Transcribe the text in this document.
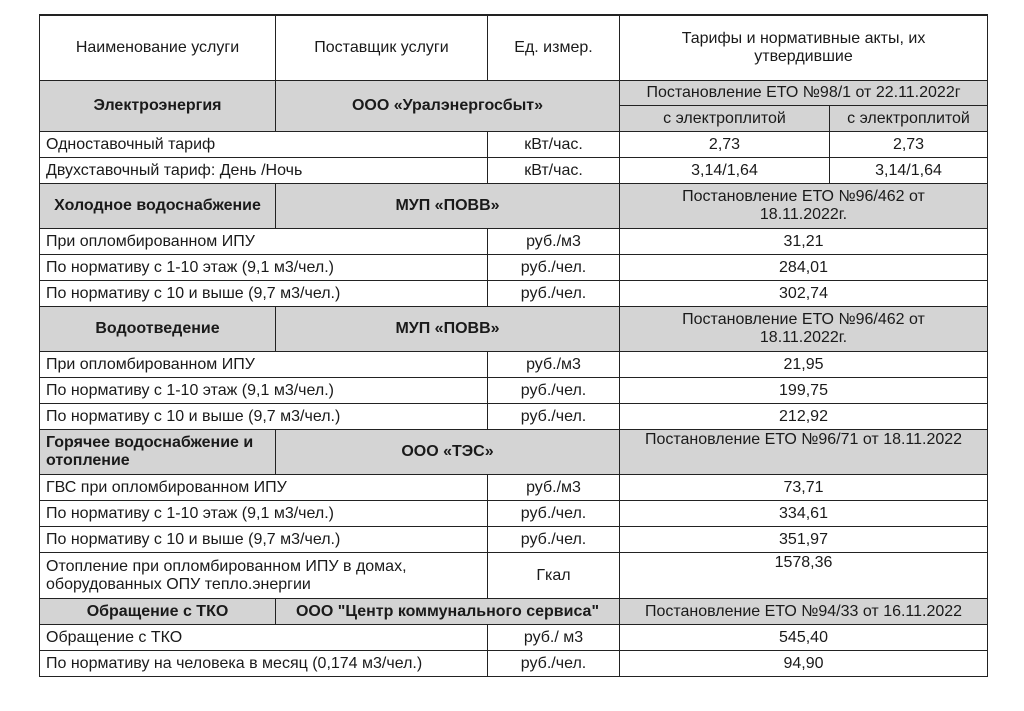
Наименование услуги	Поставщик услуги	Ед. измер.	Тарифы и нормативные акты, их утвердившие	
Электроэнергия	ООО «Уралэнергосбыт»		Постановление ЕТО №98/1 от 22.11.2022г	
			с электроплитой	с электроплитой
Одноставочный тариф		кВт/час.	2,73	2,73
Двухставочный тариф: День /Ночь		кВт/час.	3,14/1,64	3,14/1,64
Холодное водоснабжение	МУП «ПОВВ»		Постановление ЕТО №96/462 от 18.11.2022г.	
При опломбированном ИПУ		руб./м3	31,21	
По нормативу с 1-10 этаж (9,1 м3/чел.)		руб./чел.	284,01	
По нормативу с 10 и выше (9,7 м3/чел.)		руб./чел.	302,74	
Водоотведение	МУП «ПОВВ»		Постановление ЕТО №96/462 от 18.11.2022г.	
При опломбированном ИПУ		руб./м3	21,95	
По нормативу с 1-10 этаж (9,1 м3/чел.)		руб./чел.	199,75	
По нормативу с 10 и выше (9,7 м3/чел.)		руб./чел.	212,92	
Горячее водоснабжение и отопление	ООО «ТЭС»		Постановление ЕТО №96/71 от 18.11.2022	
ГВС при опломбированном ИПУ		руб./м3	73,71	
По нормативу с 1-10 этаж (9,1 м3/чел.)		руб./чел.	334,61	
По нормативу с 10 и выше (9,7 м3/чел.)		руб./чел.	351,97	
Отопление при опломбированном ИПУ в домах, оборудованных ОПУ тепло.энергии		Гкал	1578,36	
Обращение с ТКО	ООО "Центр коммунального сервиса"		Постановление ЕТО №94/33 от 16.11.2022	
Обращение с ТКО		руб./ м3	545,40	
По нормативу на человека в месяц (0,174 м3/чел.)		руб./чел.	94,90	
